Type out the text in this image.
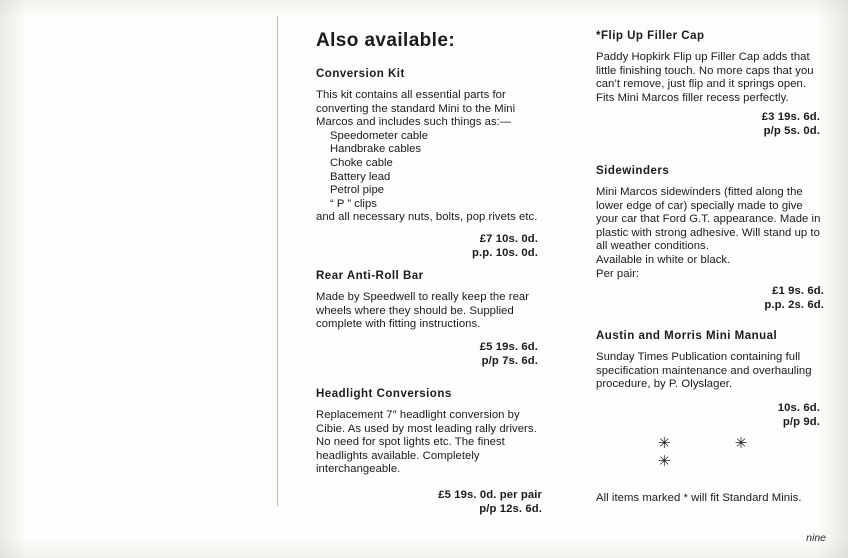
Also available:
Conversion Kit

This kit contains all essential parts for converting the standard Mini to the Mini Marcos and includes such things as:—

Speedometer cable
Handbrake cables
Choke cable
Battery lead
Petrol pipe
“ P ” clips

and all necessary nuts, bolts, pop rivets etc.

£7 10s. 0d.
p.p. 10s. 0d.
Rear Anti-Roll Bar

Made by Speedwell to really keep the rear wheels where they should be. Supplied complete with fitting instructions.

£5 19s. 6d.
p/p 7s. 6d.
Headlight Conversions

Replacement 7″ headlight conversion by Cibie. As used by most leading rally drivers. No need for spot lights etc. The finest headlights available. Completely interchangeable.

£5 19s. 0d. per pair
p/p 12s. 6d.
*Flip Up Filler Cap

Paddy Hopkirk Flip up Filler Cap adds that little finishing touch. No more caps that you can’t remove, just flip and it springs open. Fits Mini Marcos filler recess perfectly.

£3 19s. 6d.
p/p 5s. 0d.
Sidewinders

Mini Marcos sidewinders (fitted along the lower edge of car) specially made to give your car that Ford G.T. appearance. Made in plastic with strong adhesive. Will stand up to all weather conditions.

Available in white or black.

Per pair:

£1 9s. 6d.
p.p. 2s. 6d.
Austin and Morris Mini Manual

Sunday Times Publication containing full specification maintenance and overhauling procedure, by P. Olyslager.

10s. 6d.
p/p 9d.
✳ ✳ ✳

All items marked * will fit Standard Minis.

nine
